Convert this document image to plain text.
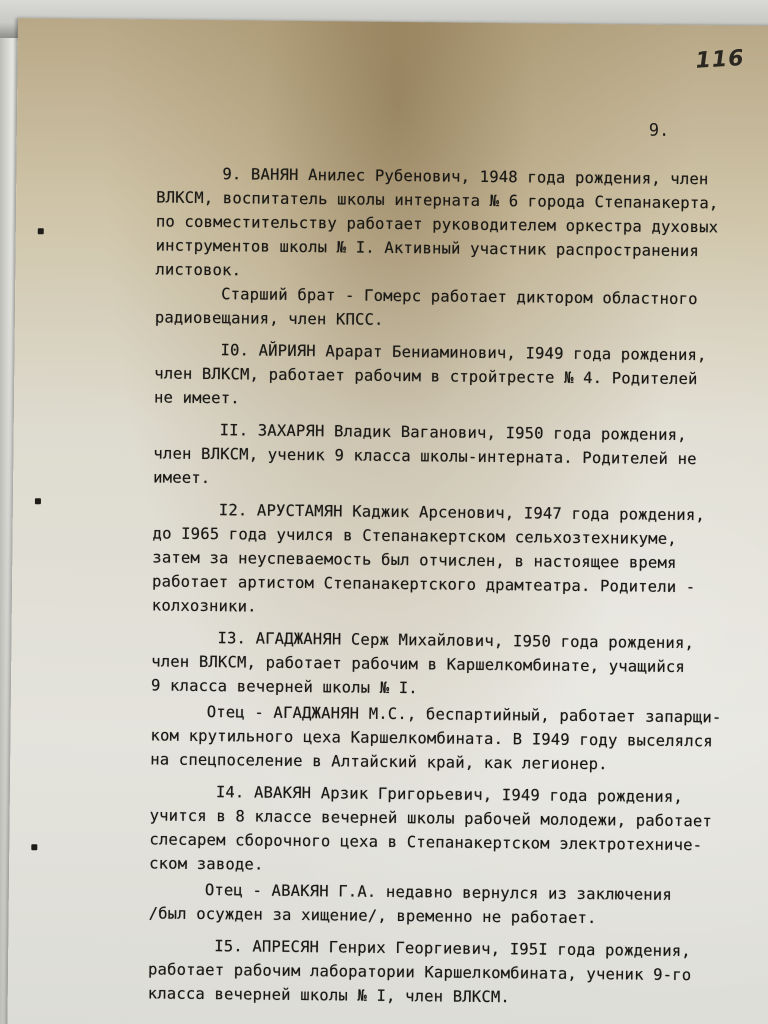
116
9.
9. ВАНЯН Анилес Рубенович, 1948 года рождения, член
ВЛКСМ, воспитатель школы интерната № 6 города Степанакерта,
по совместительству работает руководителем оркестра духовых
инструментов школы № I. Активный участник распространения
листовок.
Старший брат - Гомерс работает диктором областного
радиовещания, член КПСС.
I0. АЙРИЯН Арарат Бениаминович, I949 года рождения,
член ВЛКСМ, работает рабочим в стройтресте № 4. Родителей
не имеет.
II. ЗАХАРЯН Владик Ваганович, I950 года рождения,
член ВЛКСМ, ученик 9 класса школы-интерната. Родителей не
имеет.
I2. АРУСТАМЯН Каджик Арсенович, I947 года рождения,
до I965 года учился в Степанакертском сельхозтехникуме,
затем за неуспеваемость был отчислен, в настоящее время
работает артистом Степанакертского драмтеатра. Родители -
колхозники.
I3. АГАДЖАНЯН Серж Михайлович, I950 года рождения,
член ВЛКСМ, работает рабочим в Каршелкомбинате, учащийся
9 класса вечерней школы № I.
Отец - АГАДЖАНЯН М.С., беспартийный, работает запарщи-
ком крутильного цеха Каршелкомбината. В I949 году выселялся
на спецпоселение в Алтайский край, как легионер.
I4. АВАКЯН Арзик Григорьевич, I949 года рождения,
учится в 8 классе вечерней школы рабочей молодежи, работает
слесарем сборочного цеха в Степанакертском электротехниче-
ском заводе.
Отец - АВАКЯН Г.А. недавно вернулся из заключения
/был осужден за хищение/, временно не работает.
I5. АПРЕСЯН Генрих Георгиевич, I95I года рождения,
работает рабочим лаборатории Каршелкомбината, ученик 9-го
класса вечерней школы № I, член ВЛКСМ.
